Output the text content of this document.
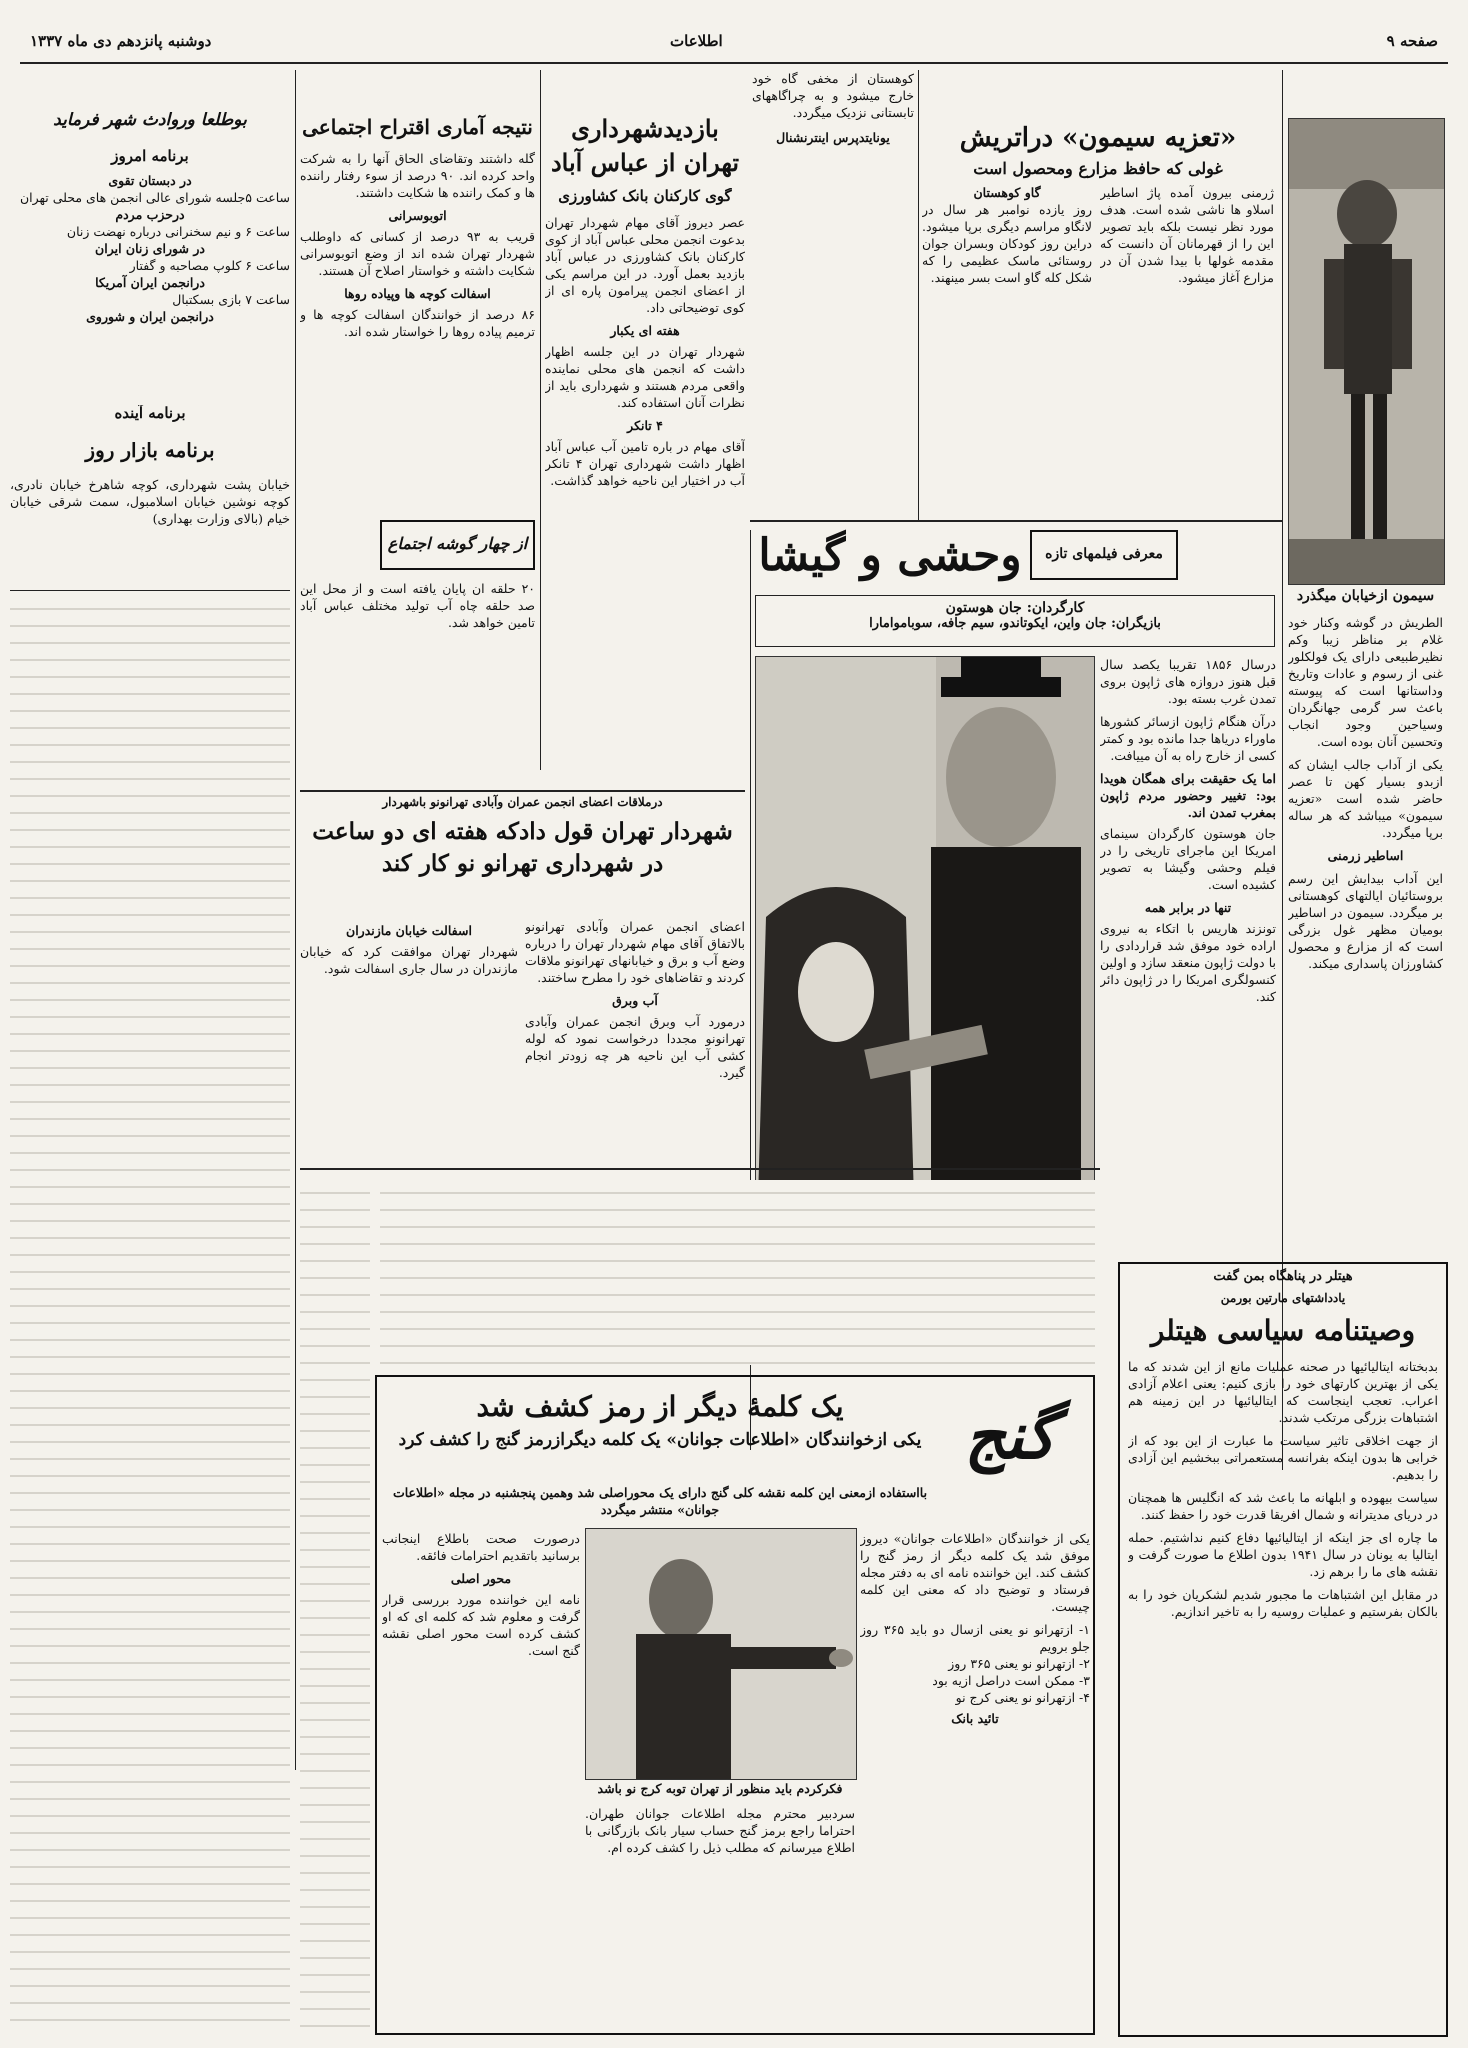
صفحه ۹
اطلاعات
دوشنبه پانزدهم دی ماه ۱۳۳۷
سیمون ازخیابان میگذرد

الطریش در گوشه وکنار خود غلام بر مناظر زیبا وکم نظیرطبیعی دارای یک فولکلور غنی از رسوم و عادات وتاریخ وداستانها است که پیوسته باعث سر گرمی جهانگردان وسیاحین وجود انجاب وتحسین آنان بوده است.

یکی از آداب جالب ایشان که ازبدو بسیار کهن تا عصر حاضر شده است «تعزیه سیمون» میباشد که هر ساله برپا میگردد.

اساطیر زرمنی

این آداب بیدایش این رسم بروستائیان ایالتهای کوهستانی بر میگردد. سیمون در اساطیر بومیان مظهر غول بزرگی است که از مزارع و محصول کشاورزان پاسداری میکند.

«تعزیه سیمون» دراتریش
غولی که حافظ مزارع ومحصول است

ژرمنی بیرون آمده پاژ اساطیر اسلاو ها ناشی شده است. هدف مورد نظر نیست بلکه باید تصویر این را از قهرمانان آن دانست که مقدمه غولها با بیدا شدن آن در مزارع آغاز میشود.

گاو کوهستان

روز یازده نوامبر هر سال در لانگاو مراسم دیگری برپا میشود. دراین روز کودکان وبسران جوان روستائی ماسک عظیمی را که شکل کله گاو است بسر مینهند.

کوهستان از مخفی گاه خود خارج میشود و به چراگاههای تابستانی نزدیک میگردد.

یونایتدپرس اینترنشنال
معرفی فیلمهای تازه
وحشی و گیشا
کارگردان: جان هوستون
بازیگران: جان واین، ایکوتاندو، سیم جافه، سوباموامارا

درسال ۱۸۵۶ تقریبا یکصد سال قبل هنوز دروازه های ژاپون بروی تمدن غرب بسته بود.

درآن هنگام ژاپون ازسائر کشورها ماوراء دریاها جدا مانده بود و کمتر کسی از خارج راه به آن مییافت.

اما یک حقیقت برای همگان هویدا بود: تغییر وحضور مردم ژاپون بمغرب تمدن اند.

جان هوستون کارگردان سینمای امریکا این ماجرای تاریخی را در فیلم وحشی وگیشا به تصویر کشیده است.

تنها در برابر همه

تونزند هاریس با اتکاء به نیروی اراده خود موفق شد قراردادی را با دولت ژاپون منعقد سازد و اولین کنسولگری امریکا را در ژاپون دائر کند.

بازدیدشهرداری تهران از عباس آباد
گوی کارکنان بانک کشاورزی

عصر دیروز آقای مهام شهردار تهران بدعوت انجمن محلی عباس آباد از کوی کارکنان بانک کشاورزی در عباس آباد بازدید بعمل آورد. در این مراسم یکی از اعضای انجمن پیرامون پاره ای از کوی توضیحاتی داد.

هفته ای یکبار

شهردار تهران در این جلسه اظهار داشت که انجمن های محلی نماینده واقعی مردم هستند و شهرداری باید از نظرات آنان استفاده کند.

۴ تانکر

آقای مهام در باره تامین آب عباس آباد اظهار داشت شهرداری تهران ۴ تانکر آب در اختیار این ناحیه خواهد گذاشت.

نتیجه آماری اقتراح اجتماعی

گله داشتند وتقاضای الحاق آنها را به شرکت واحد کرده اند. ۹۰ درصد از سوء رفتار راننده ها و کمک راننده ها شکایت داشتند.

اتوبوسرانی

قریب به ۹۳ درصد از کسانی که داوطلب شهردار تهران شده اند از وضع اتوبوسرانی شکایت داشته و خواستار اصلاح آن هستند.

اسفالت کوچه ها وپیاده روها

۸۶ درصد از خوانندگان اسفالت کوچه ها و ترمیم پیاده روها را خواستار شده اند.

از چهار گوشه اجتماع

۲۰ حلقه ان پایان یافته است و از محل این صد حلقه چاه آب تولید مختلف عباس آباد تامین خواهد شد.

بوطلعا وروادث شهر فرماید
برنامه امروز
در دبستان تقوی
ساعت ۵جلسه شورای عالی انجمن های محلی تهران
درحزب مردم
ساعت ۶ و نیم سخنرانی درباره نهضت زنان
در شورای زنان ایران
ساعت ۶ کلوپ مصاحبه و گفتار
درانجمن ایران آمریکا
ساعت ۷ بازی بسکتبال
درانجمن ایران و شوروی
برنامه آینده
برنامه بازار روز

خیابان پشت شهرداری، کوچه شاهرخ خیابان نادری، کوچه نوشین خیابان اسلامبول، سمت شرقی خیابان خیام (بالای وزارت بهداری)

درملاقات اعضای انجمن عمران وآبادی تهرانونو باشهردار
شهردار تهران قول دادکه هفته ای دو ساعت در شهرداری تهرانو نو کار کند

اعضای انجمن عمران وآبادی تهرانونو بالاتفاق آقای مهام شهردار تهران را درباره وضع آب و برق و خیابانهای تهرانونو ملاقات کردند و تقاضاهای خود را مطرح ساختند.

آب وبرق

درمورد آب وبرق انجمن عمران وآبادی تهرانونو مجددا درخواست نمود که لوله کشی آب این ناحیه هر چه زودتر انجام گیرد.

اسفالت خیابان مازندران

شهردار تهران موافقت کرد که خیابان مازندران در سال جاری اسفالت شود.

گنج
یک کلمهٔ دیگر از رمز کشف شد
یکی ازخوانندگان «اطلاعات جوانان» یک کلمه دیگرازرمز گنج را کشف کرد
بااستفاده ازمعنی این کلمه نقشه کلی گنج دارای یک محوراصلی شد وهمین پنجشنبه در مجله «اطلاعات جوانان» منتشر میگردد
فکرکردم باید منظور از تهران توبه کرج نو باشد

یکی از خوانندگان «اطلاعات جوانان» دیروز موفق شد یک کلمه دیگر از رمز گنج را کشف کند. این خواننده نامه ای به دفتر مجله فرستاد و توضیح داد که معنی این کلمه چیست.

۱- ازتهرانو نو یعنی ازسال دو باید ۳۶۵ روز جلو برویم
۲- ازتهرانو نو یعنی ۳۶۵ روز
۳- ممکن است دراصل ازیه بود
۴- ازتهرانو نو یعنی کرج نو
تائید بانک

درصورت صحت باطلاع اینجانب برسانید باتقدیم احترامات فائقه.

محور اصلی

نامه این خواننده مورد بررسی قرار گرفت و معلوم شد که کلمه ای که او کشف کرده است محور اصلی نقشه گنج است.

سردبیر محترم مجله اطلاعات جوانان طهران. احتراما راجع برمز گنج حساب سیار بانک بازرگانی با اطلاع میرسانم که مطلب ذیل را کشف کرده ام.

هیتلر در پناهگاه بمن گفت
یادداشتهای مارتین بورمن
وصیتنامه سیاسی هیتلر

بدبختانه ایتالیائیها در صحنه عملیات مانع از این شدند که ما یکی از بهترین کارتهای خود را بازی کنیم: یعنی اعلام آزادی اعراب. تعجب اینجاست که ایتالیائیها در این زمینه هم اشتباهات بزرگی مرتکب شدند.

از جهت اخلاقی تاثیر سیاست ما عبارت از این بود که از خرابی ها بدون اینکه بفرانسه مستعمراتی ببخشیم این آزادی را بدهیم.

سیاست بیهوده و ابلهانه ما باعث شد که انگلیس ها همچنان در دریای مدیترانه و شمال افریقا قدرت خود را حفظ کنند.

ما چاره ای جز اینکه از ایتالیائیها دفاع کنیم نداشتیم. حمله ایتالیا به یونان در سال ۱۹۴۱ بدون اطلاع ما صورت گرفت و نقشه های ما را برهم زد.

در مقابل این اشتباهات ما مجبور شدیم لشکریان خود را به بالکان بفرستیم و عملیات روسیه را به تاخیر اندازیم.
